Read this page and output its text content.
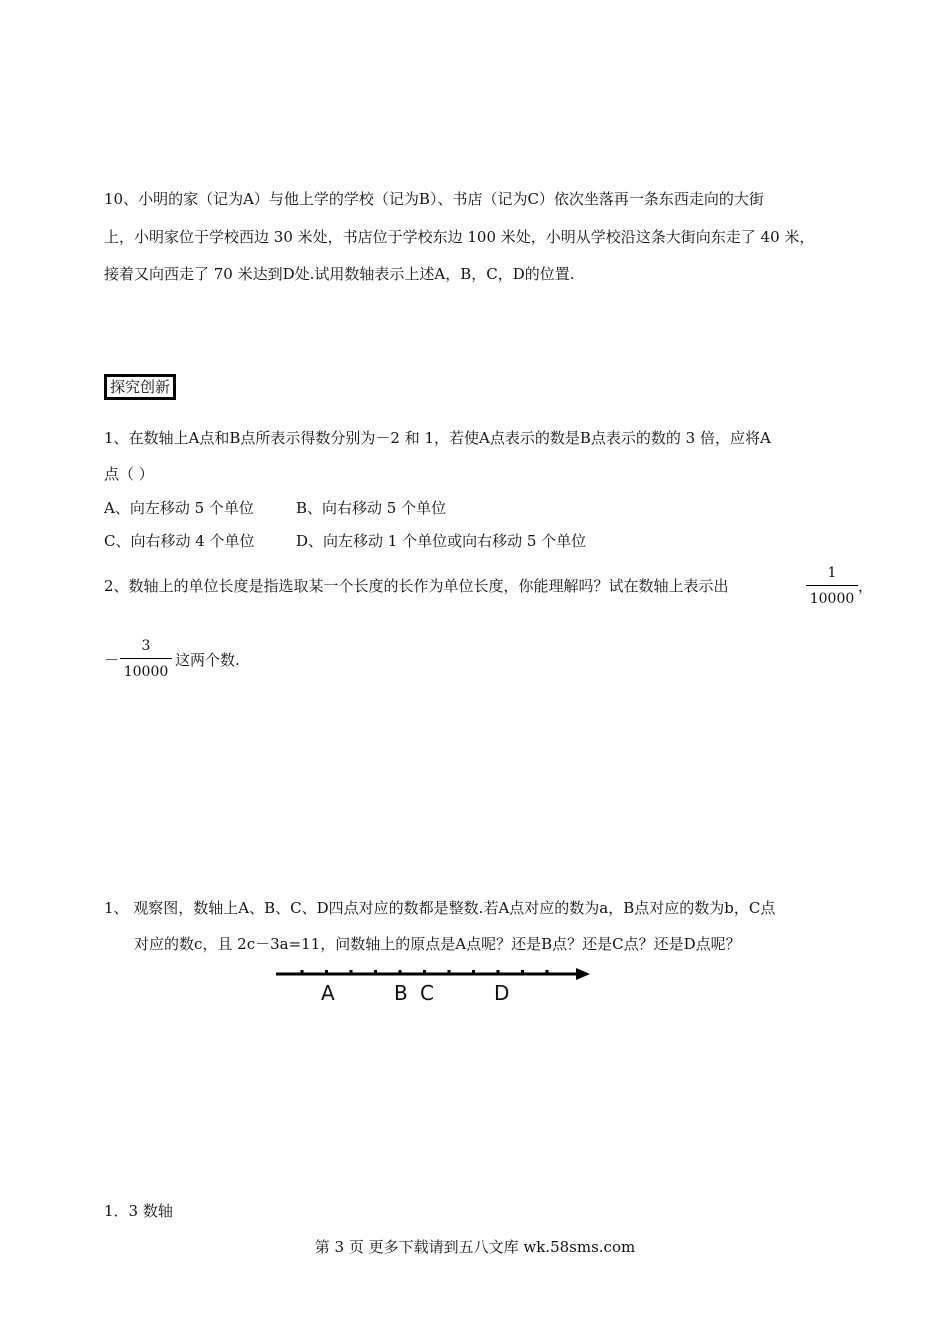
10、小明的家（记为A）与他上学的学校（记为B）、书店（记为C）依次坐落再一条东西走向的大街
上，小明家位于学校西边 30 米处，书店位于学校东边 100 米处，小明从学校沿这条大街向东走了 40 米，
接着又向西走了 70 米达到D处.试用数轴表示上述A，B，C，D的位置.
探究创新
1、在数轴上A点和B点所表示得数分别为－2 和 1，若使A点表示的数是B点表示的数的 3 倍，应将A
点（ ）
A、向左移动 5 个单位	B、向右移动 5 个单位
C、向右移动 4 个单位	D、向左移动 1 个单位或向右移动 5 个单位
2、数轴上的单位长度是指选取某一个长度的长作为单位长度，你能理解吗？试在数轴上表示出
1
10000
，
－
3
10000
这两个数.
1、 观察图，数轴上A、B、C、D四点对应的数都是整数.若A点对应的数为a，B点对应的数为b，C点
对应的数c，且 2c－3a=11，问数轴上的原点是A点呢？还是B点？还是C点？还是D点呢？
A	B C	D
1．3 数轴
第 3 页 更多下载请到五八文库 wk.58sms.com
